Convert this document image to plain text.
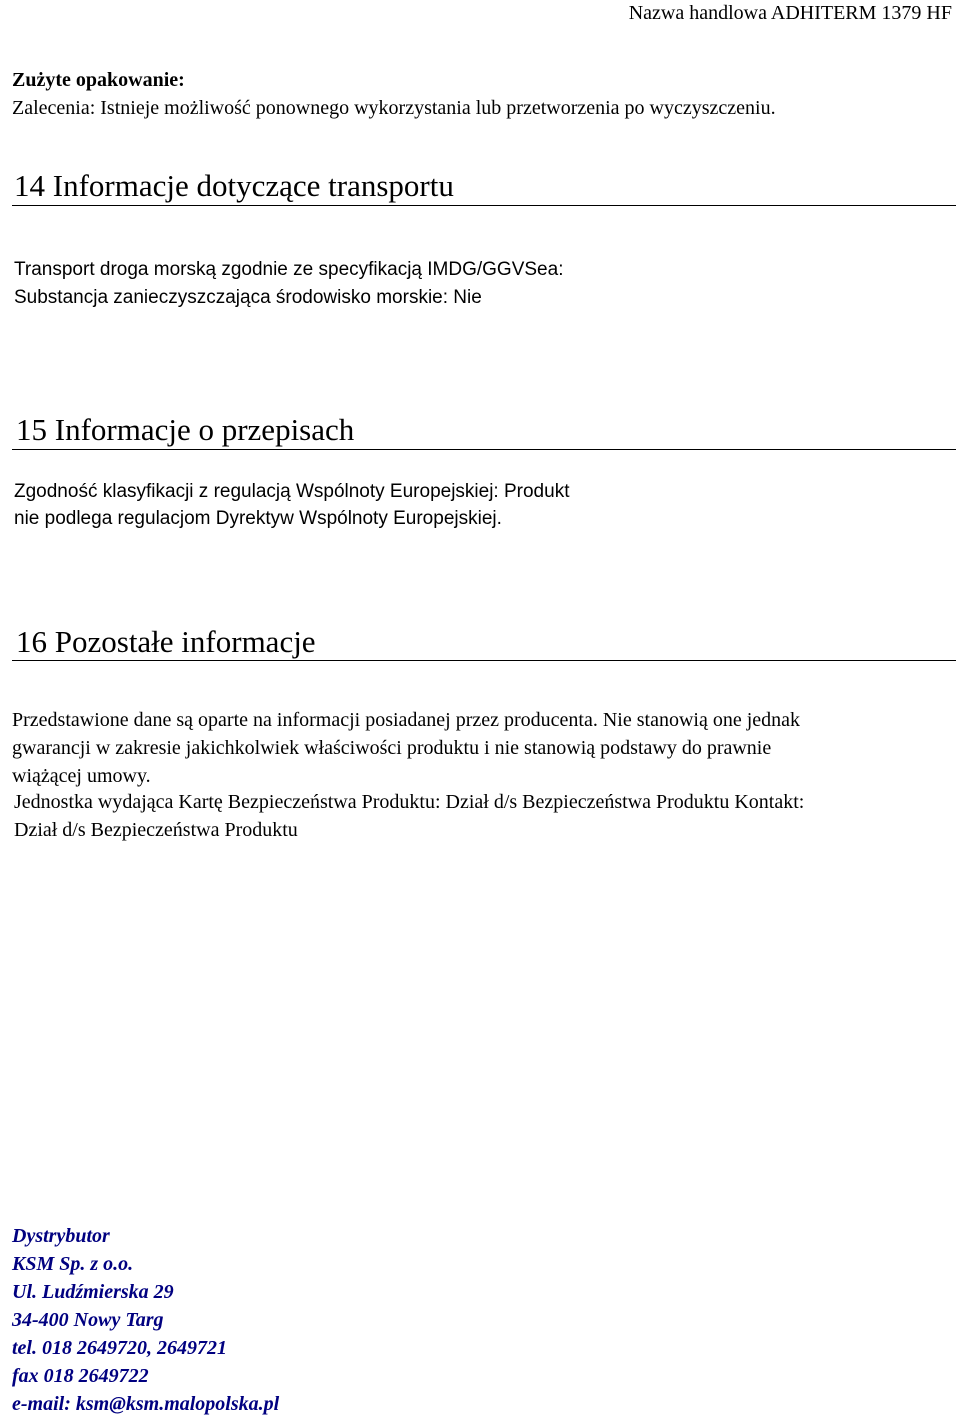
Nazwa handlowa ADHITERM 1379 HF
Zużyte opakowanie:
Zalecenia: Istnieje możliwość ponownego wykorzystania lub przetworzenia po wyczyszczeniu.
14 Informacje dotyczące transportu
Transport droga morską zgodnie ze specyfikacją IMDG/GGVSea:
Substancja zanieczyszczająca środowisko morskie: Nie
15 Informacje o przepisach
Zgodność klasyfikacji z regulacją Wspólnoty Europejskiej: Produkt
nie podlega regulacjom Dyrektyw Wspólnoty Europejskiej.
16 Pozostałe informacje
Przedstawione dane są oparte na informacji posiadanej przez producenta. Nie stanowią one jednak
gwarancji w zakresie jakichkolwiek właściwości produktu i nie stanowią podstawy do prawnie
wiążącej umowy.
Jednostka wydająca Kartę Bezpieczeństwa Produktu: Dział d/s Bezpieczeństwa Produktu Kontakt:
Dział d/s Bezpieczeństwa Produktu
Dystrybutor
KSM Sp. z o.o.
Ul. Ludźmierska 29
34-400 Nowy Targ
tel. 018 2649720, 2649721
fax 018 2649722
e-mail: ksm@ksm.malopolska.pl
